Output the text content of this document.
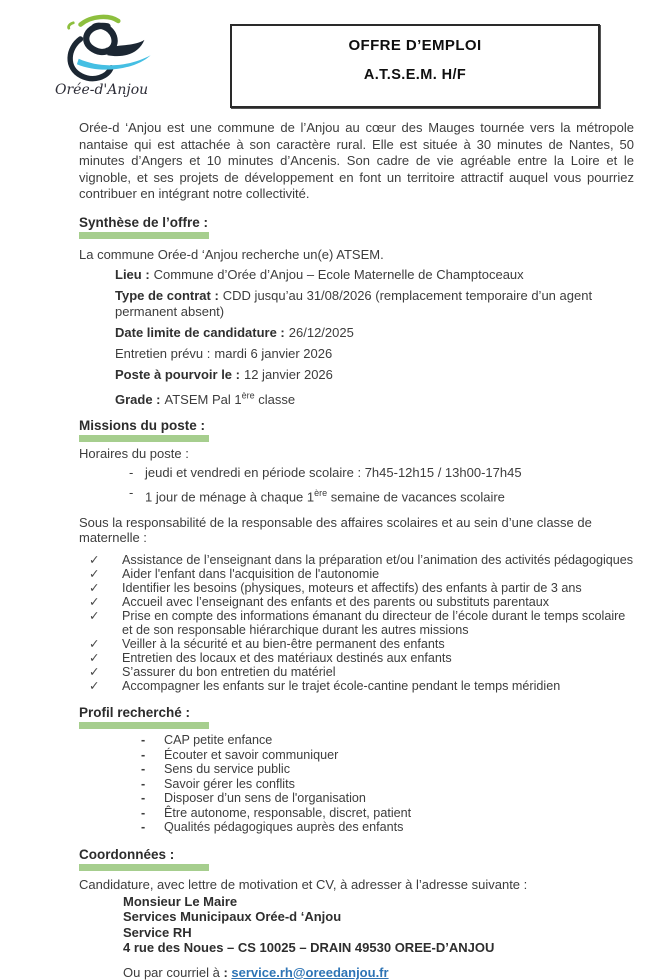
Orée-d'Anjou
OFFRE D’EMPLOI
A.T.S.E.M. H/F

Orée-d ‘Anjou est une commune de l’Anjou au cœur des Mauges tournée vers la métropole nantaise qui est attachée à son caractère rural. Elle est située à 30 minutes de Nantes, 50 minutes d’Angers et 10 minutes d’Ancenis. Son cadre de vie agréable entre la Loire et le vignoble, et ses projets de développement en font un territoire attractif auquel vous pourriez contribuer en intégrant notre collectivité.

Synthèse de l’offre :

La commune Orée-d ‘Anjou recherche un(e) ATSEM.

Lieu : Commune d’Orée d’Anjou – Ecole Maternelle de Champtoceaux
Type de contrat : CDD jusqu’au 31/08/2026 (remplacement temporaire d’un agent permanent absent)
Date limite de candidature : 26/12/2025
Entretien prévu : mardi 6 janvier 2026
Poste à pourvoir le : 12 janvier 2026
Grade : ATSEM Pal 1ère classe
Missions du poste :
Horaires du poste :
- jeudi et vendredi en période scolaire : 7h45-12h15 / 13h00-17h45
- 1 jour de ménage à chaque 1ère semaine de vacances scolaire
Sous la responsabilité de la responsable des affaires scolaires et au sein d’une classe de maternelle :
✓	Assistance de l’enseignant dans la préparation et/ou l’animation des activités pédagogiques
✓	Aider l'enfant dans l'acquisition de l'autonomie
✓	Identifier les besoins (physiques, moteurs et affectifs) des enfants à partir de 3 ans
✓	Accueil avec l’enseignant des enfants et des parents ou substituts parentaux
✓	Prise en compte des informations émanant du directeur de l’école durant le temps scolaire et de son responsable hiérarchique durant les autres missions
✓	Veiller à la sécurité et au bien-être permanent des enfants
✓	Entretien des locaux et des matériaux destinés aux enfants
✓	S’assurer du bon entretien du matériel
✓	Accompagner les enfants sur le trajet école-cantine pendant le temps méridien
Profil recherché :
-	CAP petite enfance
-	Écouter et savoir communiquer
-	Sens du service public
-	Savoir gérer les conflits
-	Disposer d’un sens de l'organisation
-	Être autonome, responsable, discret, patient
-	Qualités pédagogiques auprès des enfants
Coordonnées :
Candidature, avec lettre de motivation et CV, à adresser à l’adresse suivante :
Monsieur Le Maire
Services Municipaux Orée-d ‘Anjou
Service RH
4 rue des Noues – CS 10025 – DRAIN 49530 OREE-D’ANJOU
Ou par courriel à : service.rh@oreedanjou.fr
